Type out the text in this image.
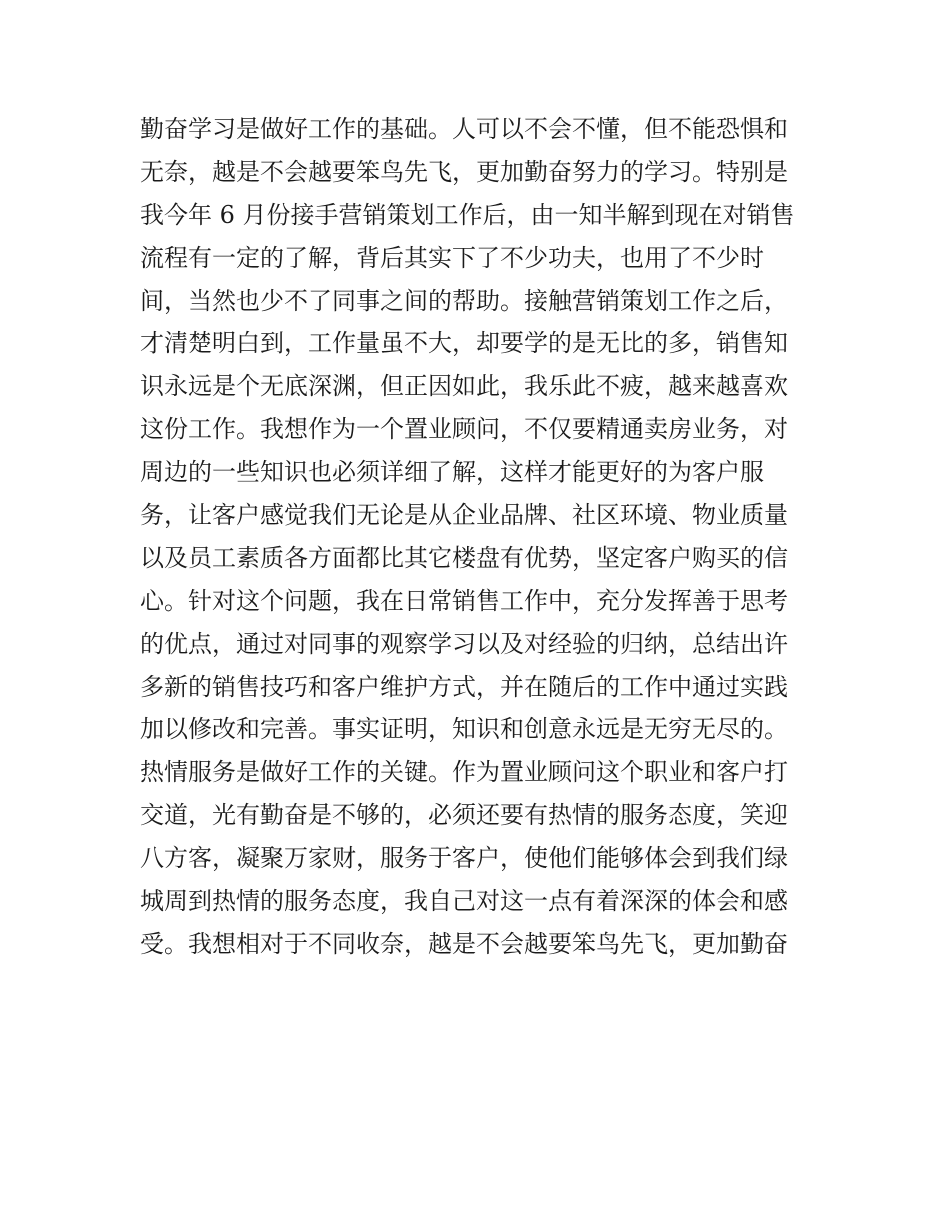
勤奋学习是做好工作的基础。人可以不会不懂，但不能恐惧和
无奈，越是不会越要笨鸟先飞，更加勤奋努力的学习。特别是
我今年 6 月份接手营销策划工作后，由一知半解到现在对销售
流程有一定的了解，背后其实下了不少功夫，也用了不少时
间，当然也少不了同事之间的帮助。接触营销策划工作之后，
才清楚明白到，工作量虽不大，却要学的是无比的多，销售知
识永远是个无底深渊，但正因如此，我乐此不疲，越来越喜欢
这份工作。我想作为一个置业顾问，不仅要精通卖房业务，对
周边的一些知识也必须详细了解，这样才能更好的为客户服
务，让客户感觉我们无论是从企业品牌、社区环境、物业质量
以及员工素质各方面都比其它楼盘有优势，坚定客户购买的信
心。针对这个问题，我在日常销售工作中，充分发挥善于思考
的优点，通过对同事的观察学习以及对经验的归纳，总结出许
多新的销售技巧和客户维护方式，并在随后的工作中通过实践
加以修改和完善。事实证明，知识和创意永远是无穷无尽的。
热情服务是做好工作的关键。作为置业顾问这个职业和客户打
交道，光有勤奋是不够的，必须还要有热情的服务态度，笑迎
八方客，凝聚万家财，服务于客户，使他们能够体会到我们绿
城周到热情的服务态度，我自己对这一点有着深深的体会和感
受。我想相对于不同收奈，越是不会越要笨鸟先飞，更加勤奋
